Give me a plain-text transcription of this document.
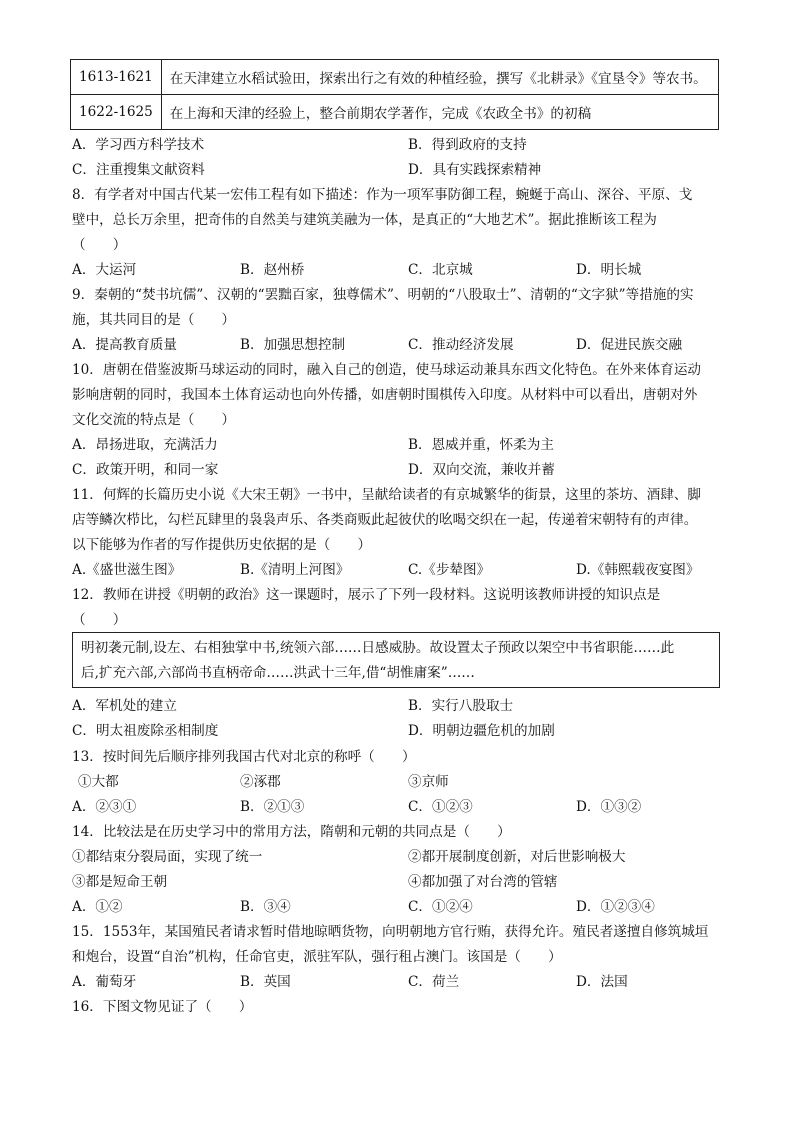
1613-1621	在天津建立水稻试验田，探索出行之有效的种植经验，撰写《北耕录》《宜垦令》等农书。
1622-1625	在上海和天津的经验上，整合前期农学著作，完成《农政全书》的初稿
A．学习西方科学技术	B．得到政府的支持
C．注重搜集文献资料	D．具有实践探索精神
8．有学者对中国古代某一宏伟工程有如下描述：作为一项军事防御工程，蜿蜒于高山、深谷、平原、戈
壁中，总长万余里，把奇伟的自然美与建筑美融为一体，是真正的“大地艺术”。据此推断该工程为
（　　）
A．大运河	B．赵州桥	C．北京城	D．明长城
9．秦朝的“焚书坑儒”、汉朝的“罢黜百家，独尊儒术”、明朝的“八股取士”、清朝的“文字狱”等措施的实
施，其共同目的是（　　）
A．提高教育质量	B．加强思想控制	C．推动经济发展	D．促进民族交融
10．唐朝在借鉴波斯马球运动的同时，融入自己的创造，使马球运动兼具东西文化特色。在外来体育运动
影响唐朝的同时，我国本土体育运动也向外传播，如唐朝时围棋传入印度。从材料中可以看出，唐朝对外
文化交流的特点是（　　）
A．昂扬进取，充满活力	B．恩威并重，怀柔为主
C．政策开明，和同一家	D．双向交流，兼收并蓄
11．何辉的长篇历史小说《大宋王朝》一书中，呈献给读者的有京城繁华的街景，这里的茶坊、酒肆、脚
店等鳞次栉比，勾栏瓦肆里的袅袅声乐、各类商贩此起彼伏的吆喝交织在一起，传递着宋朝特有的声律。
以下能够为作者的写作提供历史依据的是（　　）
A.《盛世滋生图》	B.《清明上河图》	C.《步辇图》	D.《韩熙载夜宴图》
12．教师在讲授《明朝的政治》这一课题时，展示了下列一段材料。这说明该教师讲授的知识点是
（　　）
明初袭元制,设左、右相独掌中书,统领六部……日感威胁。故设置太子预政以架空中书省职能……此
后,扩充六部,六部尚书直柄帝命……洪武十三年,借“胡惟庸案”……
A．军机处的建立	B．实行八股取士
C．明太祖废除丞相制度	D．明朝边疆危机的加剧
13．按时间先后顺序排列我国古代对北京的称呼（　　）
①大都	②涿郡	③京师
A．②③①	B．②①③	C．①②③	D．①③②
14．比较法是在历史学习中的常用方法，隋朝和元朝的共同点是（　　）
①都结束分裂局面，实现了统一	②都开展制度创新，对后世影响极大
③都是短命王朝	④都加强了对台湾的管辖
A．①②	B．③④	C．①②④	D．①②③④
15．1553年，某国殖民者请求暂时借地晾晒货物，向明朝地方官行贿，获得允许。殖民者遂擅自修筑城垣
和炮台，设置“自治”机构，任命官吏，派驻军队，强行租占澳门。该国是（　　）
A．葡萄牙	B．英国	C．荷兰	D．法国
16．下图文物见证了（　　）
